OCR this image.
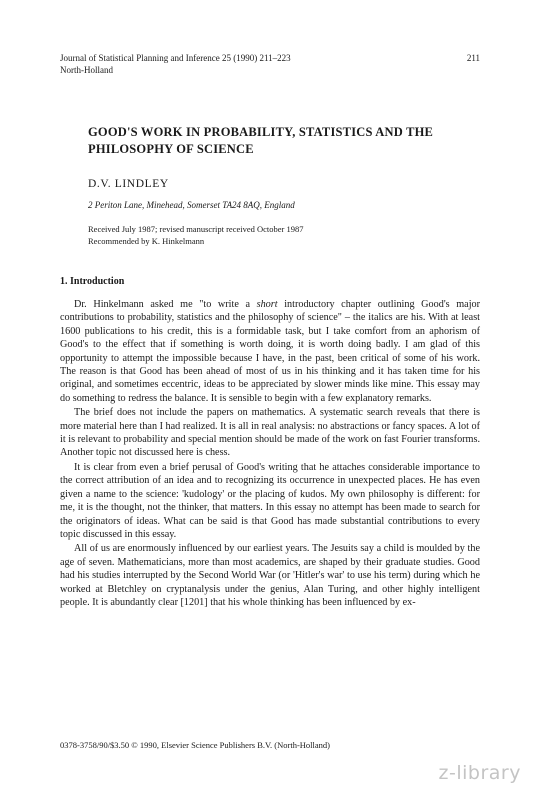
Journal of Statistical Planning and Inference 25 (1990) 211–223
North-Holland
211
GOOD'S WORK IN PROBABILITY, STATISTICS AND THE PHILOSOPHY OF SCIENCE
D.V. LINDLEY
2 Periton Lane, Minehead, Somerset TA24 8AQ, England
Received July 1987; revised manuscript received October 1987
Recommended by K. Hinkelmann
1. Introduction

Dr. Hinkelmann asked me "to write a short introductory chapter outlining Good's major contributions to probability, statistics and the philosophy of science" – the italics are his. With at least 1600 publications to his credit, this is a formidable task, but I take comfort from an aphorism of Good's to the effect that if something is worth doing, it is worth doing badly. I am glad of this opportunity to attempt the impossible because I have, in the past, been critical of some of his work. The reason is that Good has been ahead of most of us in his thinking and it has taken time for his original, and sometimes eccentric, ideas to be appreciated by slower minds like mine. This essay may do something to redress the balance. It is sensible to begin with a few explanatory remarks.

The brief does not include the papers on mathematics. A systematic search reveals that there is more material here than I had realized. It is all in real analysis: no abstractions or fancy spaces. A lot of it is relevant to probability and special mention should be made of the work on fast Fourier transforms. Another topic not discussed here is chess.

It is clear from even a brief perusal of Good's writing that he attaches considerable importance to the correct attribution of an idea and to recognizing its occurrence in unexpected places. He has even given a name to the science: 'kudology' or the placing of kudos. My own philosophy is different: for me, it is the thought, not the thinker, that matters. In this essay no attempt has been made to search for the originators of ideas. What can be said is that Good has made substantial contributions to every topic discussed in this essay.

All of us are enormously influenced by our earliest years. The Jesuits say a child is moulded by the age of seven. Mathematicians, more than most academics, are shaped by their graduate studies. Good had his studies interrupted by the Second World War (or 'Hitler's war' to use his term) during which he worked at Bletchley on cryptanalysis under the genius, Alan Turing, and other highly intelligent people. It is abundantly clear [1201] that his whole thinking has been influenced by ex-

0378-3758/90/$3.50 © 1990, Elsevier Science Publishers B.V. (North-Holland)
z-library
